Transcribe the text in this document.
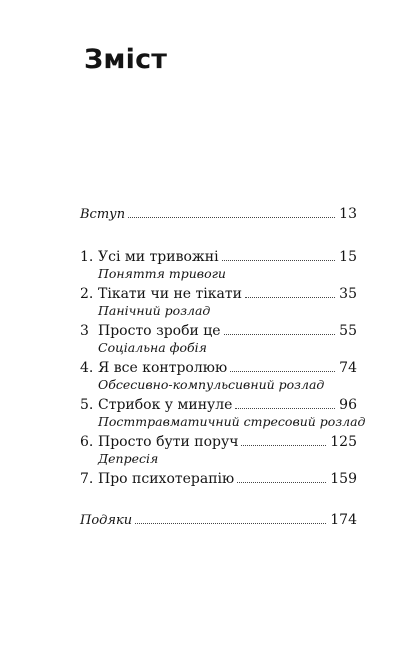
Зміст
Вступ	13
1. Усі ми тривожні	15
Поняття тривоги
2. Тікати чи не тікати	35
Панічний розлад
3 Просто зроби це	55
Соціальна фобія
4. Я все контролюю	74
Обсесивно-компульсивний розлад
5. Стрибок у минуле	96
Посттравматичний стресовий розлад
6. Просто бути поруч	125
Депресія
7. Про психотерапію	159
Подяки	174
